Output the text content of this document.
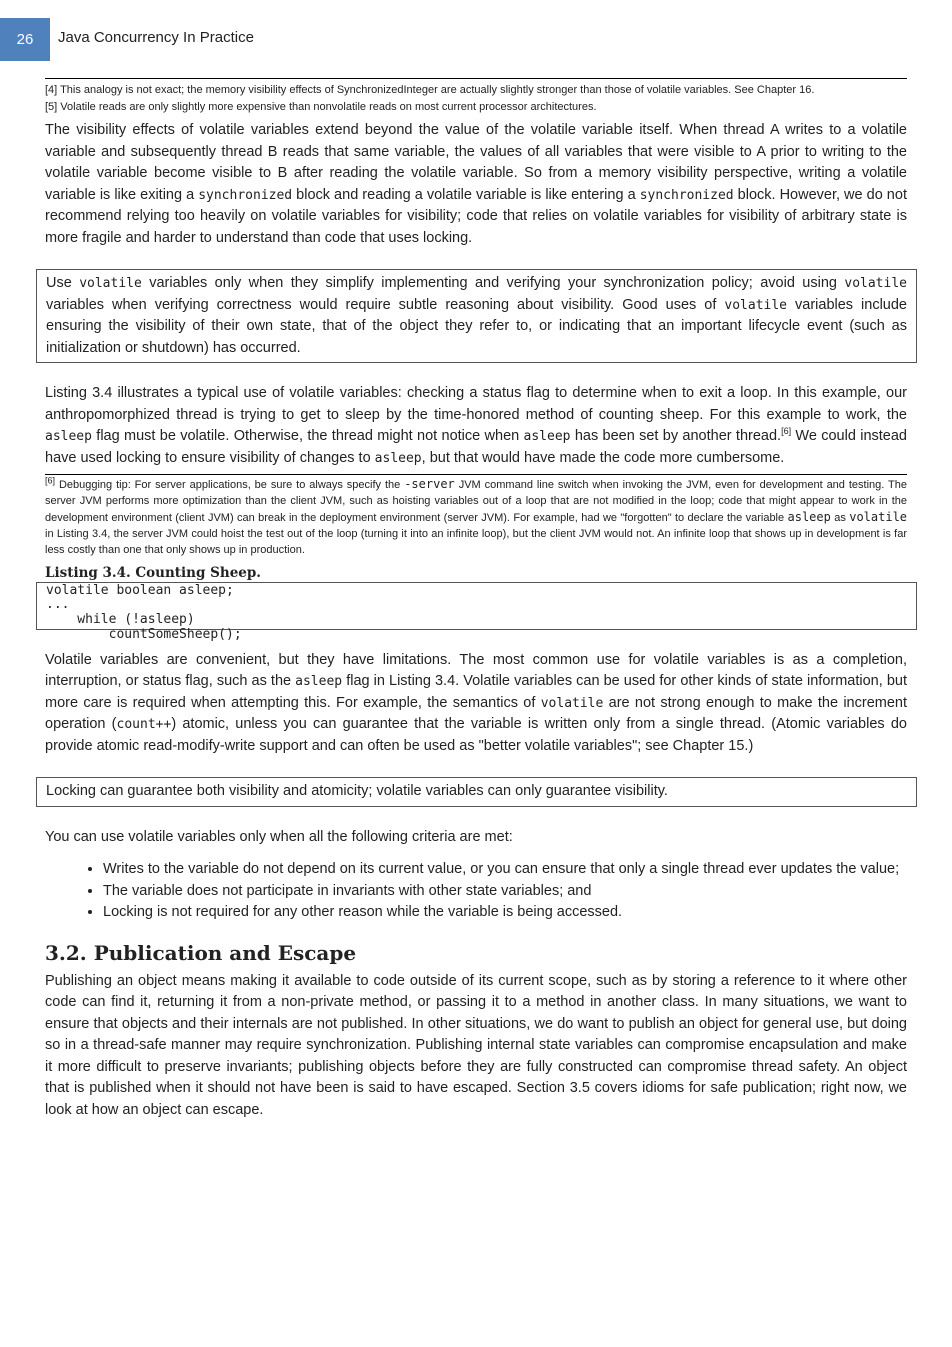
26	Java Concurrency In Practice

[4] This analogy is not exact; the memory visibility effects of SynchronizedInteger are actually slightly stronger than those of volatile variables. See Chapter 16.

[5] Volatile reads are only slightly more expensive than nonvolatile reads on most current processor architectures.

The visibility effects of volatile variables extend beyond the value of the volatile variable itself. When thread A writes to a volatile variable and subsequently thread B reads that same variable, the values of all variables that were visible to A prior to writing to the volatile variable become visible to B after reading the volatile variable. So from a memory visibility perspective, writing a volatile variable is like exiting a synchronized block and reading a volatile variable is like entering a synchronized block. However, we do not recommend relying too heavily on volatile variables for visibility; code that relies on volatile variables for visibility of arbitrary state is more fragile and harder to understand than code that uses locking.

Use volatile variables only when they simplify implementing and verifying your synchronization policy; avoid using volatile variables when verifying correctness would require subtle reasoning about visibility. Good uses of volatile variables include ensuring the visibility of their own state, that of the object they refer to, or indicating that an important lifecycle event (such as initialization or shutdown) has occurred.

Listing 3.4 illustrates a typical use of volatile variables: checking a status flag to determine when to exit a loop. In this example, our anthropomorphized thread is trying to get to sleep by the time-honored method of counting sheep. For this example to work, the asleep flag must be volatile. Otherwise, the thread might not notice when asleep has been set by another thread.[6] We could instead have used locking to ensure visibility of changes to asleep, but that would have made the code more cumbersome.

[6] Debugging tip: For server applications, be sure to always specify the -server JVM command line switch when invoking the JVM, even for development and testing. The server JVM performs more optimization than the client JVM, such as hoisting variables out of a loop that are not modified in the loop; code that might appear to work in the development environment (client JVM) can break in the deployment environment (server JVM). For example, had we "forgotten" to declare the variable asleep as volatile in Listing 3.4, the server JVM could hoist the test out of the loop (turning it into an infinite loop), but the client JVM would not. An infinite loop that shows up in development is far less costly than one that only shows up in production.

Listing 3.4. Counting Sheep.

volatile boolean asleep;
...
while (!asleep)
countSomeSheep();

Volatile variables are convenient, but they have limitations. The most common use for volatile variables is as a completion, interruption, or status flag, such as the asleep flag in Listing 3.4. Volatile variables can be used for other kinds of state information, but more care is required when attempting this. For example, the semantics of volatile are not strong enough to make the increment operation (count++) atomic, unless you can guarantee that the variable is written only from a single thread. (Atomic variables do provide atomic read-modify-write support and can often be used as "better volatile variables"; see Chapter 15.)

Locking can guarantee both visibility and atomicity; volatile variables can only guarantee visibility.

You can use volatile variables only when all the following criteria are met:

• Writes to the variable do not depend on its current value, or you can ensure that only a single thread ever updates the value;
• The variable does not participate in invariants with other state variables; and
• Locking is not required for any other reason while the variable is being accessed.
3.2. Publication and Escape

Publishing an object means making it available to code outside of its current scope, such as by storing a reference to it where other code can find it, returning it from a non-private method, or passing it to a method in another class. In many situations, we want to ensure that objects and their internals are not published. In other situations, we do want to publish an object for general use, but doing so in a thread-safe manner may require synchronization. Publishing internal state variables can compromise encapsulation and make it more difficult to preserve invariants; publishing objects before they are fully constructed can compromise thread safety. An object that is published when it should not have been is said to have escaped. Section 3.5 covers idioms for safe publication; right now, we look at how an object can escape.
